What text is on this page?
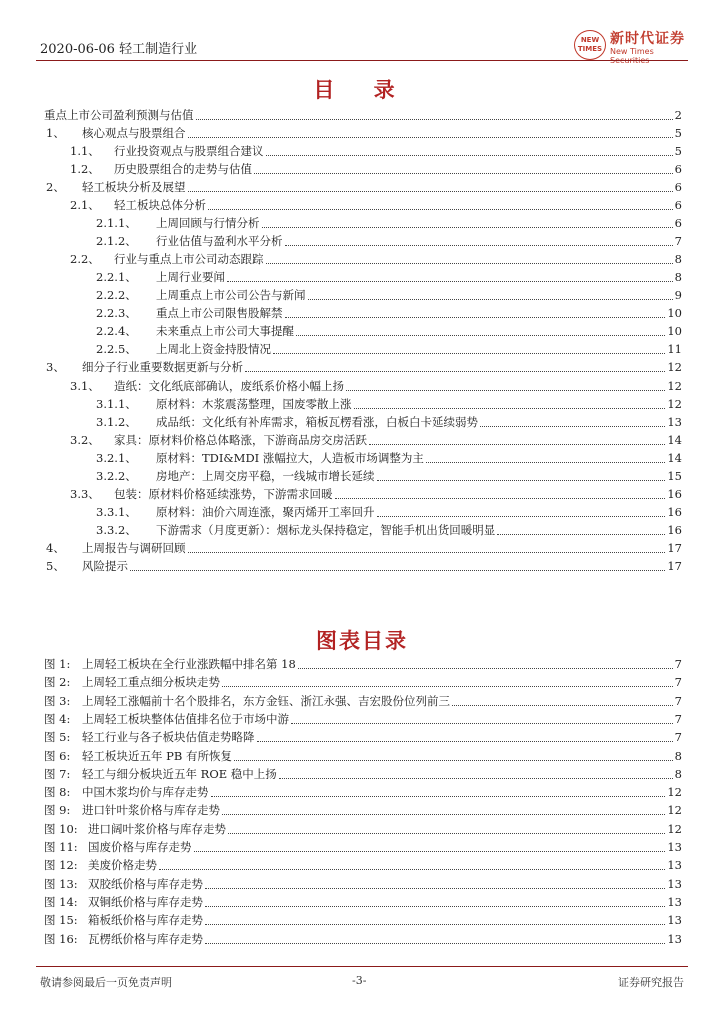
2020-06-06 轻工制造行业
NEW
TIMES
新时代证券
New Times
目 录
重点上市公司盈利预测与估值	2
1、	核心观点与股票组合	5
1.1、	行业投资观点与股票组合建议	5
1.2、	历史股票组合的走势与估值	6
2、	轻工板块分析及展望	6
2.1、	轻工板块总体分析	6
2.1.1、	上周回顾与行情分析	6
2.1.2、	行业估值与盈利水平分析	7
2.2、	行业与重点上市公司动态跟踪	8
2.2.1、	上周行业要闻	8
2.2.2、	上周重点上市公司公告与新闻	9
2.2.3、	重点上市公司限售股解禁	10
2.2.4、	未来重点上市公司大事提醒	10
2.2.5、	上周北上资金持股情况	11
3、	细分子行业重要数据更新与分析	12
3.1、	造纸：文化纸底部确认，废纸系价格小幅上扬	12
3.1.1、	原材料：木浆震荡整理，国废零散上涨	12
3.1.2、	成品纸：文化纸有补库需求，箱板瓦楞看涨，白板白卡延续弱势	13
3.2、	家具：原材料价格总体略涨，下游商品房交房活跃	14
3.2.1、	原材料：TDI&MDI 涨幅拉大，人造板市场调整为主	14
3.2.2、	房地产：上周交房平稳，一线城市增长延续	15
3.3、	包装：原材料价格延续涨势，下游需求回暖	16
3.3.1、	原材料：油价六周连涨，聚丙烯开工率回升	16
3.3.2、	下游需求（月度更新）：烟标龙头保持稳定，智能手机出货回暖明显	16
4、	上周报告与调研回顾	17
5、	风险提示	17
图表目录
图 1:	上周轻工板块在全行业涨跌幅中排名第 18	7
图 2:	上周轻工重点细分板块走势	7
图 3:	上周轻工涨幅前十名个股排名，东方金钰、浙江永强、吉宏股份位列前三	7
图 4:	上周轻工板块整体估值排名位于市场中游	7
图 5:	轻工行业与各子板块估值走势略降	7
图 6:	轻工板块近五年 PB 有所恢复	8
图 7:	轻工与细分板块近五年 ROE 稳中上扬	8
图 8:	中国木浆均价与库存走势	12
图 9:	进口针叶浆价格与库存走势	12
图 10: 进口阔叶浆价格与库存走势	12
图 11: 国废价格与库存走势	13
图 12: 美废价格走势	13
图 13: 双胶纸价格与库存走势	13
图 14: 双铜纸价格与库存走势	13
图 15: 箱板纸价格与库存走势	13
图 16: 瓦楞纸价格与库存走势	13
敬请参阅最后一页免责声明	-3-	证券研究报告
